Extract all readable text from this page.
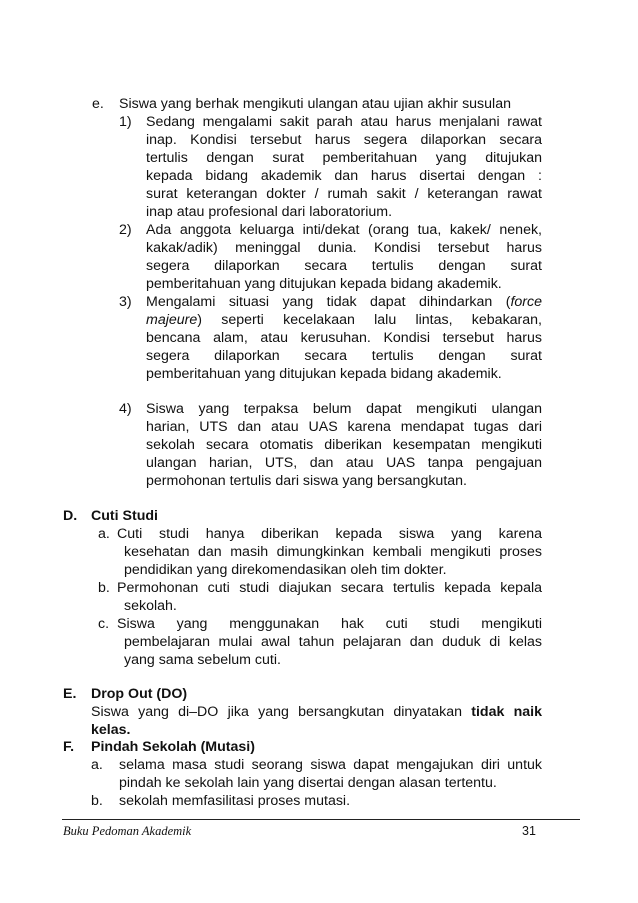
e. Siswa yang berhak mengikuti ulangan atau ujian akhir susulan
1) Sedang mengalami sakit parah atau harus menjalani rawat
inap. Kondisi tersebut harus segera dilaporkan secara
tertulis dengan surat pemberitahuan yang ditujukan
kepada bidang akademik dan harus disertai dengan :
surat keterangan dokter / rumah sakit / keterangan rawat
inap atau profesional dari laboratorium.
2) Ada anggota keluarga inti/dekat (orang tua, kakek/ nenek,
kakak/adik) meninggal dunia. Kondisi tersebut harus
segera dilaporkan secara tertulis dengan surat
pemberitahuan yang ditujukan kepada bidang akademik.
3) Mengalami situasi yang tidak dapat dihindarkan (force
majeure) seperti kecelakaan lalu lintas, kebakaran,
bencana alam, atau kerusuhan. Kondisi tersebut harus
segera dilaporkan secara tertulis dengan surat
pemberitahuan yang ditujukan kepada bidang akademik.
4) Siswa yang terpaksa belum dapat mengikuti ulangan
harian, UTS dan atau UAS karena mendapat tugas dari
sekolah secara otomatis diberikan kesempatan mengikuti
ulangan harian, UTS, dan atau UAS tanpa pengajuan
permohonan tertulis dari siswa yang bersangkutan.
D. Cuti Studi
a. Cuti studi hanya diberikan kepada siswa yang karena
kesehatan dan masih dimungkinkan kembali mengikuti proses
pendidikan yang direkomendasikan oleh tim dokter.
b. Permohonan cuti studi diajukan secara tertulis kepada kepala
sekolah.
c. Siswa yang menggunakan hak cuti studi mengikuti
pembelajaran mulai awal tahun pelajaran dan duduk di kelas
yang sama sebelum cuti.
E. Drop Out (DO)
Siswa yang di–DO jika yang bersangkutan dinyatakan tidak naik
kelas.
F. Pindah Sekolah (Mutasi)
a. selama masa studi seorang siswa dapat mengajukan diri untuk
pindah ke sekolah lain yang disertai dengan alasan tertentu.
b. sekolah memfasilitasi proses mutasi.
Buku Pedoman Akademik	31
